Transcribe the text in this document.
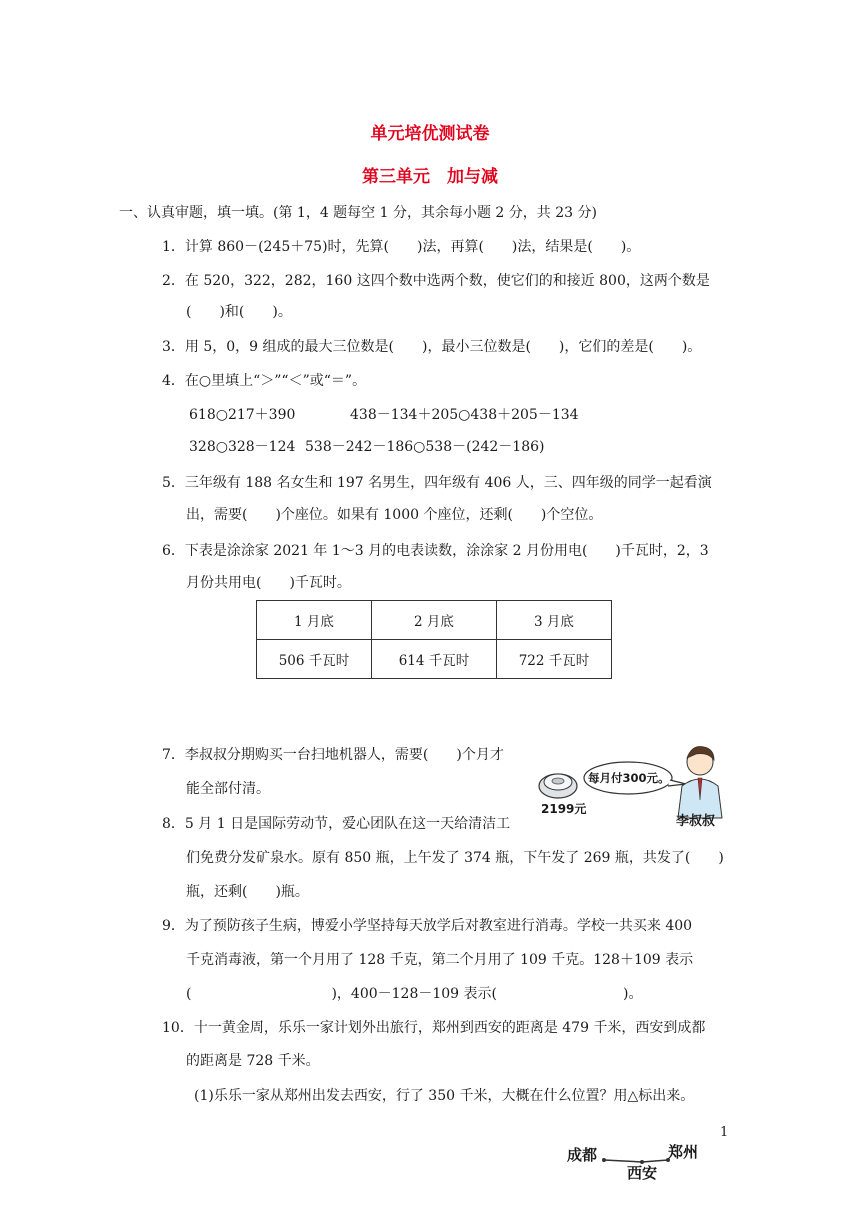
单元培优测试卷
第三单元　加与减
一、认真审题，填一填。(第 1，4 题每空 1 分，其余每小题 2 分，共 23 分)
1．计算 860－(245＋75)时，先算(　　)法，再算(　　)法，结果是(　　)。
2．在 520，322，282，160 这四个数中选两个数，使它们的和接近 800，这两个数是
(　　)和(　　)。
3．用 5，0，9 组成的最大三位数是(　　)，最小三位数是(　　)，它们的差是(　　)。
4．在○里填上“＞”“＜”或“＝”。
618○217＋390	438－134＋205○438＋205－134
328○328－124 538－242－186○538－(242－186)
5．三年级有 188 名女生和 197 名男生，四年级有 406 人，三、四年级的同学一起看演
出，需要(　　)个座位。如果有 1000 个座位，还剩(　　)个空位。
6．下表是涂涂家 2021 年 1～3 月的电表读数，涂涂家 2 月份用电(　　)千瓦时，2，3
月份共用电(　　)千瓦时。
1 月底	2 月底	3 月底
506 千瓦时	614 千瓦时	722 千瓦时
7．李叔叔分期购买一台扫地机器人，需要(　　)个月才
能全部付清。
2199元
每月付300元。
李叔叔
8．5 月 1 日是国际劳动节，爱心团队在这一天给清洁工
们免费分发矿泉水。原有 850 瓶，上午发了 374 瓶，下午发了 269 瓶，共发了(　　)
瓶，还剩(　　)瓶。
9．为了预防孩子生病，博爱小学坚持每天放学后对教室进行消毒。学校一共买来 400
千克消毒液，第一个月用了 128 千克，第二个月用了 109 千克。128＋109 表示
(　　　　　　　　　　)，400－128－109 表示(　　　　　　　　　)。
10．十一黄金周，乐乐一家计划外出旅行，郑州到西安的距离是 479 千米，西安到成都
的距离是 728 千米。
(1)乐乐一家从郑州出发去西安，行了 350 千米，大概在什么位置？用△标出来。
1
成都
西安
郑州
